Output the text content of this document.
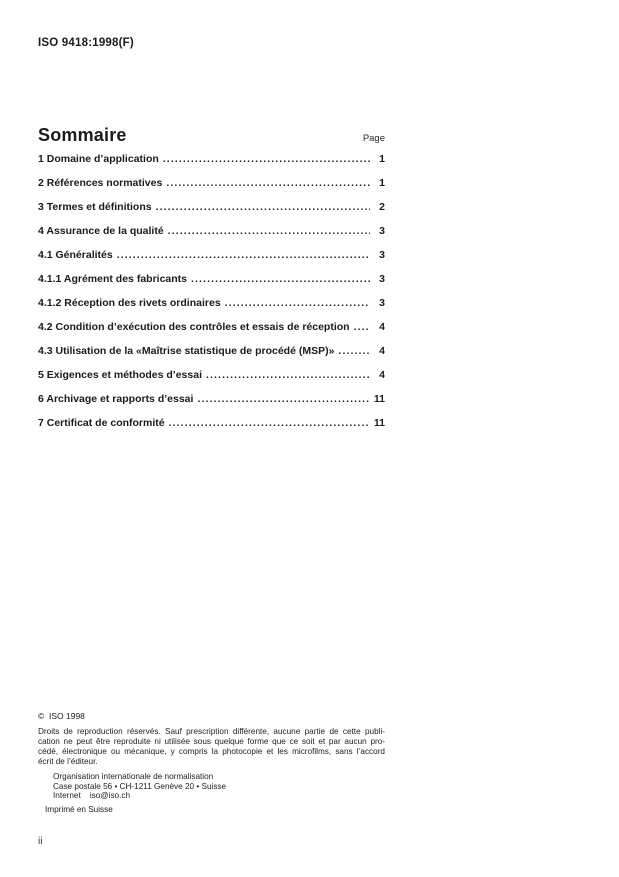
ISO 9418:1998(F)
Sommaire	Page
1 Domaine d’application .....	1
2 Références normatives .....	1
3 Termes et définitions .....	2
4 Assurance de la qualité .....	3
4.1 Généralités .....	3
4.1.1 Agrément des fabricants .....	3
4.1.2 Réception des rivets ordinaires .....	3
4.2 Condition d’exécution des contrôles et essais de réception .....	4
4.3 Utilisation de la «Maîtrise statistique de procédé (MSP)» .....	4
5 Exigences et méthodes d’essai .....	4
6 Archivage et rapports d’essai .....	11
7 Certificat de conformité .....	11
©  ISO 1998

Droits de reproduction réservés. Sauf prescription différente, aucune partie de cette publi-

cation ne peut être reproduite ni utilisée sous quelque forme que ce soit et par aucun pro-

cédé, électronique ou mécanique, y compris la photocopie et les microfilms, sans l’accord

écrit de l’éditeur.

Organisation internationale de normalisation
Case postale 56 • CH-1211 Genève 20 • Suisse
Internet    iso@iso.ch
Imprimé en Suisse
ii
